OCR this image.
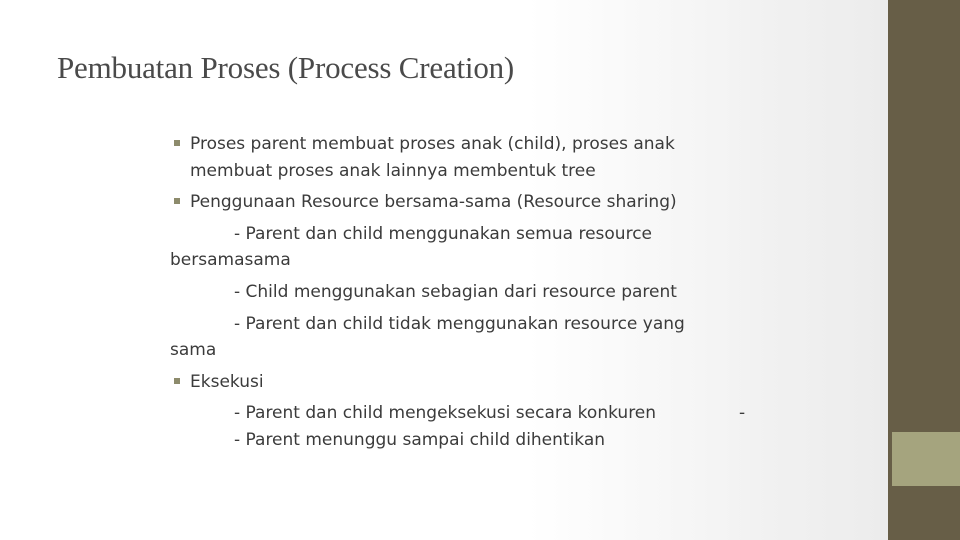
Pembuatan Proses (Process Creation)
Proses parent membuat proses anak (child), proses anak
membuat proses anak lainnya membentuk tree
Penggunaan Resource bersama-sama (Resource sharing)
- Parent dan child menggunakan semua resource
bersamasama
- Child menggunakan sebagian dari resource parent
- Parent dan child tidak menggunakan resource yang
sama
Eksekusi
- Parent dan child mengeksekusi secara konkuren
- Parent menunggu sampai child dihentikan
-
